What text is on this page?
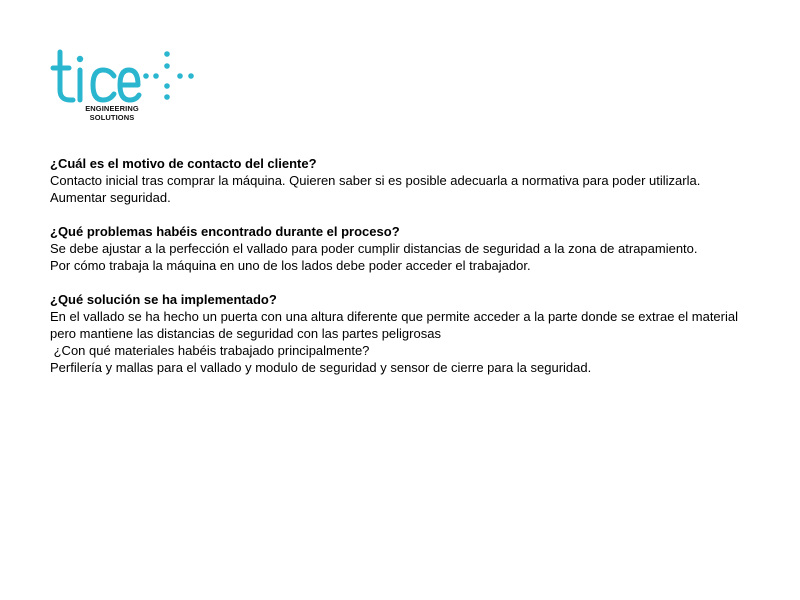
ENGINEERING
SOLUTIONS

¿Cuál es el motivo de contacto del cliente?

Contacto inicial tras comprar la máquina. Quieren saber si es posible adecuarla a normativa para poder utilizarla.

Aumentar seguridad.

¿Qué problemas habéis encontrado durante el proceso?

Se debe ajustar a la perfección el vallado para poder cumplir distancias de seguridad a la zona de atrapamiento.

Por cómo trabaja la máquina en uno de los lados debe poder acceder el trabajador.

¿Qué solución se ha implementado?

En el vallado se ha hecho un puerta con una altura diferente que permite acceder a la parte donde se extrae el material

pero mantiene las distancias de seguridad con las partes peligrosas

¿Con qué materiales habéis trabajado principalmente?

Perfilería y mallas para el vallado y modulo de seguridad y sensor de cierre para la seguridad.
